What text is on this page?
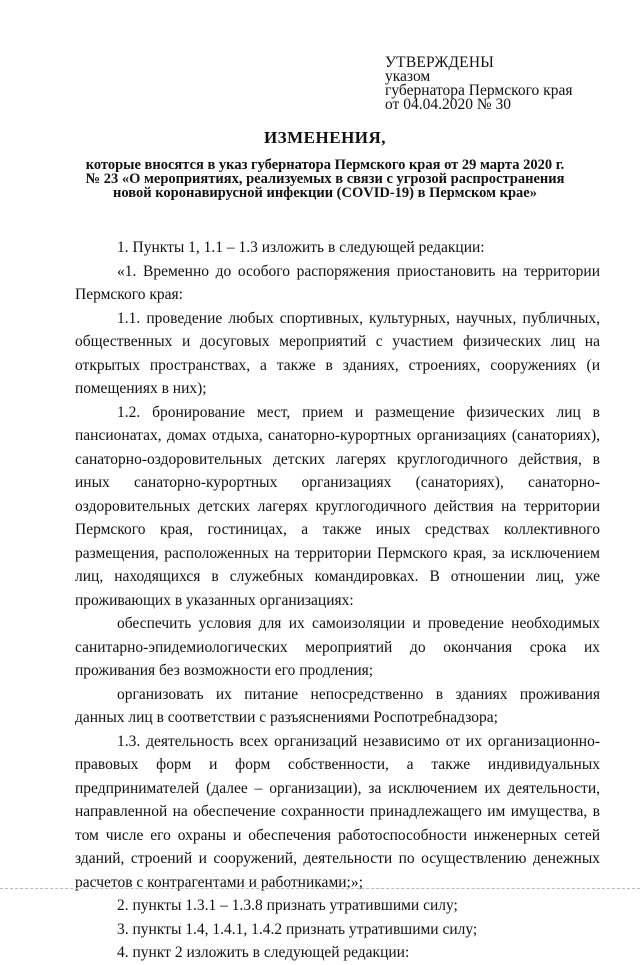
УТВЕРЖДЕНЫ
указом
губернатора Пермского края
от 04.04.2020 № 30
ИЗМЕНЕНИЯ,
которые вносятся в указ губернатора Пермского края от 29 марта 2020 г.
№ 23 «О мероприятиях, реализуемых в связи с угрозой распространения
новой коронавирусной инфекции (COVID-19) в Пермском крае»

1. Пункты 1, 1.1 – 1.3 изложить в следующей редакции:

«1. Временно до особого распоряжения приостановить на территории Пермского края:

1.1. проведение любых спортивных, культурных, научных, публичных, общественных и досуговых мероприятий с участием физических лиц на открытых пространствах, а также в зданиях, строениях, сооружениях (и помещениях в них);

1.2. бронирование мест, прием и размещение физических лиц в пансионатах, домах отдыха, санаторно-курортных организациях (санаториях), санаторно-оздоровительных детских лагерях круглогодичного действия, в иных санаторно-курортных организациях (санаториях), санаторно-оздоровительных детских лагерях круглогодичного действия на территории Пермского края, гостиницах, а также иных средствах коллективного размещения, расположенных на территории Пермского края, за исключением лиц, находящихся в служебных командировках. В отношении лиц, уже проживающих в указанных организациях:

обеспечить условия для их самоизоляции и проведение необходимых санитарно-эпидемиологических мероприятий до окончания срока их проживания без возможности его продления;

организовать их питание непосредственно в зданиях проживания данных лиц в соответствии с разъяснениями Роспотребнадзора;

1.3. деятельность всех организаций независимо от их организационно-правовых форм и форм собственности, а также индивидуальных предпринимателей (далее – организации), за исключением их деятельности, направленной на обеспечение сохранности принадлежащего им имущества, в том числе его охраны и обеспечения работоспособности инженерных сетей зданий, строений и сооружений, деятельности по осуществлению денежных расчетов с контрагентами и работниками;»;

2. пункты 1.3.1 – 1.3.8 признать утратившими силу;

3. пункты 1.4, 1.4.1, 1.4.2 признать утратившими силу;

4. пункт 2 изложить в следующей редакции:
